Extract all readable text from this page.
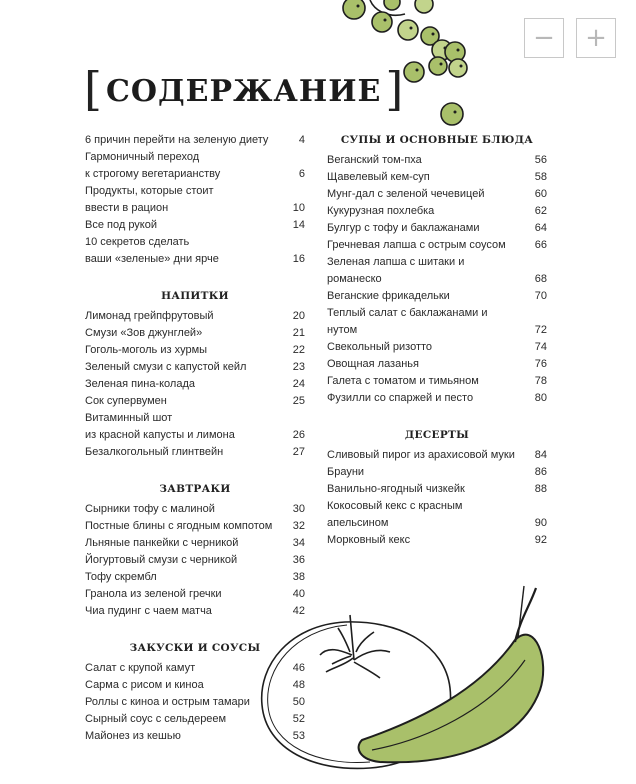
−	+
[ СОДЕРЖАНИЕ ]
6 причин перейти на зеленую диету	4
Гармоничный переход
к строгому вегетарианству	6
Продукты, которые стоит
ввести в рацион	10
Все под рукой	14
10 секретов сделать
ваши «зеленые» дни ярче	16
НАПИТКИ
Лимонад грейпфрутовый	20
Смузи «Зов джунглей»	21
Гоголь-моголь из хурмы	22
Зеленый смузи с капустой кейл	23
Зеленая пина-колада	24
Сок супервумен	25
Витаминный шот
из красной капусты и лимона	26
Безалкогольный глинтвейн	27
ЗАВТРАКИ
Сырники тофу с малиной	30
Постные блины с ягодным компотом	32
Льняные панкейки с черникой	34
Йогуртовый смузи с черникой	36
Тофу скрембл	38
Гранола из зеленой гречки	40
Чиа пудинг с чаем матча	42
ЗАКУСКИ И СОУСЫ
Салат с крупой камут	46
Сарма с рисом и киноа	48
Роллы с киноа и острым тамари	50
Сырный соус с сельдереем	52
Майонез из кешью	53
СУПЫ И ОСНОВНЫЕ БЛЮДА
Веганский том-пха	56
Щавелевый кем-суп	58
Мунг-дал с зеленой чечевицей	60
Кукурузная похлебка	62
Булгур с тофу и баклажанами	64
Гречневая лапша с острым соусом	66
Зеленая лапша с шитаки и романеско	68
Веганские фрикадельки	70
Теплый салат с баклажанами и нутом	72
Свекольный ризотто	74
Овощная лазанья	76
Галета с томатом и тимьяном	78
Фузилли со спаржей и песто	80
ДЕСЕРТЫ
Сливовый пирог из арахисовой муки	84
Брауни	86
Ванильно-ягодный чизкейк	88
Кокосовый кекс с красным апельсином	90
Морковный кекс	92
